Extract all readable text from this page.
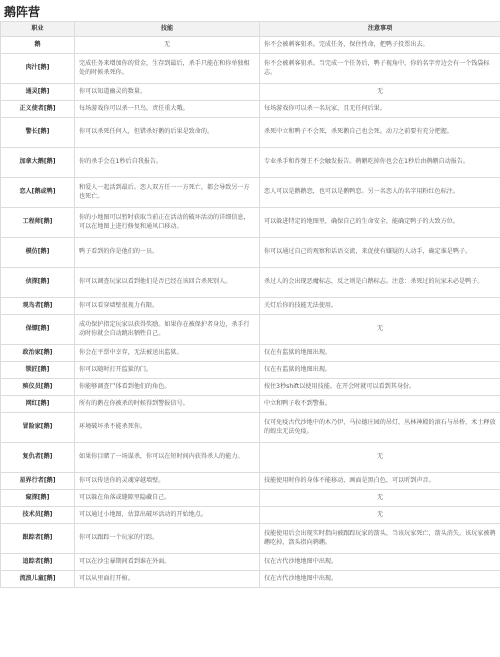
鹅阵营
职业	技能	注意事项
鹅	无	你不会被刺客狙杀。完成任务，保住性命，把鸭子投票出去。
肉汁[鹅]	完成任务来增加你的赏金，生存到最后，杀手只能在和你单独相处的时候杀死你。	你不会被刺客狙杀。当完成一个任务后，鸭子视角中，你的名字旁边会有一个钱袋标志。
通灵[鹅]	你可以知道幽灵的数量。	无
正义使者[鹅]	每场游戏你可以杀一只鸟，责任重大哦。	每场游戏你可以杀一名玩家，且无任何后果。
警长[鹅]	你可以杀死任何人，但错杀好鹅的后果是致命的。	杀死中立和鸭子不会死，杀死鹅自己也会死。动刀之前要有充分把握。
加拿大鹅[鹅]	你的杀手会在1秒后自我报告。	专业杀手和炸弹王不会触发报告。鹈鹕吃掉你也会在1秒后由鹈鹕自动报告。
恋人[鹅或鸭]	和爱人一起活到最后。恋人双方任一一方死亡，都会导致另一方也死亡。	恋人可以是鹅鹅恋，也可以是鹅鸭恋。另一名恋人的名字用粉红色标注。
工程师[鹅]	你的小地图可以暂时获取当前正在活动的破坏活动的详细信息，可以在地图上进行修复和通风口移动。	可以躲进特定的地图里，确保自己的生命安全，能确定鸭子的大致方位。
模仿[鹅]	鸭子看到的你是他们的一员。	你可以通过自己的观察和话语交流，来促使有嫌疑的人动手，确定谁是鸭子。
侦探[鹅]	你可以调查玩家以看到他们是否已经在该回合杀死别人。	杀过人的会出现恶魔标志，反之则是白鹅标志。注意：杀死过的玩家未必是鸭子。
观鸟者[鹅]	你可以看穿墙壁很视力有限。	关灯后你的技能无法使用。
保镖[鹅]	成功保护指定玩家以获得奖励。如果你在被保护者身边，杀手行动时你就会自动跳出牺牲自己。	无
政治家[鹅]	你会在平票中幸存，无法被送出监狱。	仅在有监狱的地图出现。
锁匠[鹅]	你可以随时打开监狱的门。	仅在有监狱的地图出现。
殡仪员[鹅]	你能够调查尸体看到他们的角色。	按住3秒shift以使用技能。在开会时就可以看到其身份。
网红[鹅]	所有的鹅在你被杀的时候得到警报信号。	中立和鸭子收不到警报。
冒险家[鹅]	环境破坏杀不能杀死你。	仅可免疫古代沙地中的木乃伊，马拉德庄园的吊灯，丛林神殿的滚石与吊桥，术士释放的蝗虫无法免疫。
复仇者[鹅]	如果你目睹了一场谋杀，你可以在短时间内获得杀人的能力。	无
星界行者[鹅]	你可以传送你的灵魂穿越墙壁。	技能使用时你的身体不能移动，画面是黑白色，可以听到声音。
窥探[鹅]	可以躲在角落或缝隙里隐藏自己。	无
技术员[鹅]	可以通过小地图，估算出破坏活动的开始地点。	无
跟踪者[鹅]	你可以跟踪一个玩家的行踪。	技能使用后会出现实时指向被跟踪玩家的箭头，当该玩家死亡，箭头消失。该玩家被鹈鹕吃掉，箭头指向鹈鹕。
追踪者[鹅]	可以在沙尘暴期间看到谁在外面。	仅在古代沙地地图中出现。
流浪儿童[鹅]	可以从里面打开棺。	仅在古代沙地地图中出现。
